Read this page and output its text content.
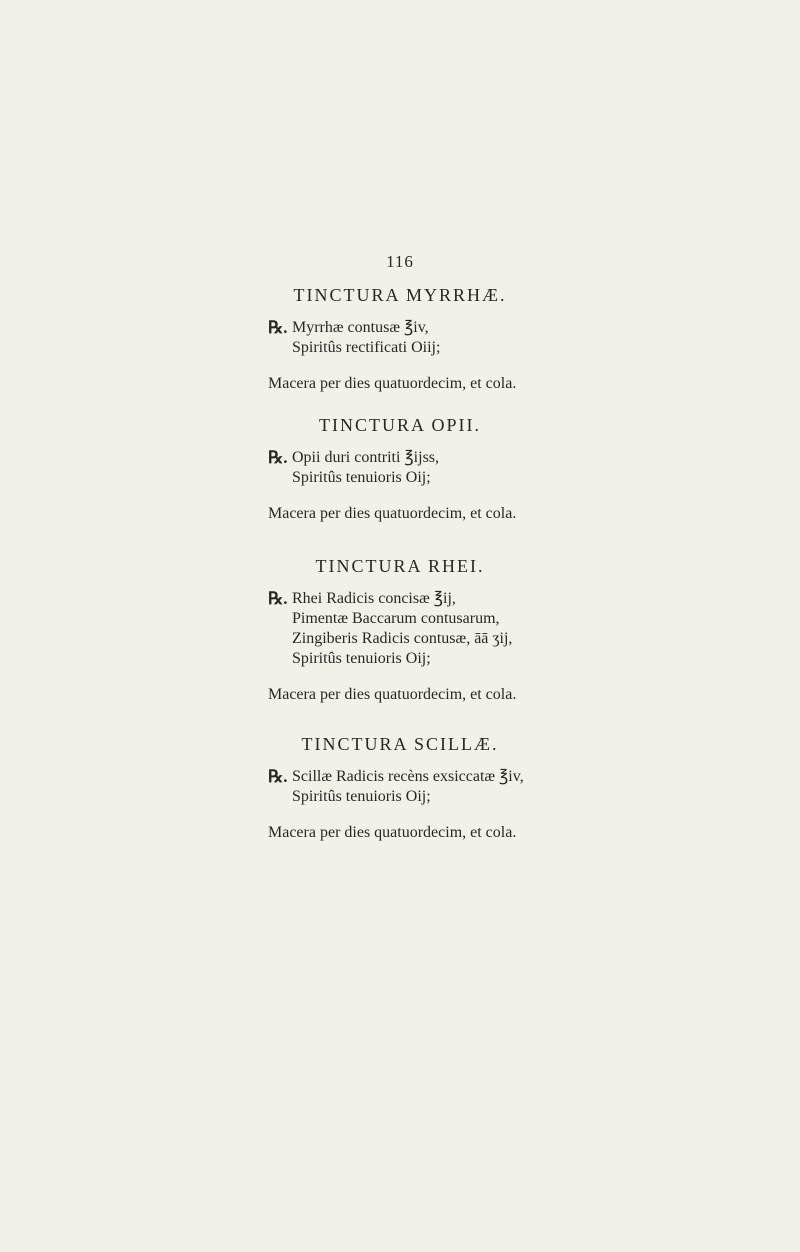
116
TINCTURA MYRRHÆ.
℞. Myrrhæ contusæ ℥iv,
Spiritûs rectificati Oiij;
Macera per dies quatuordecim, et cola.
TINCTURA OPII.
℞. Opii duri contriti ℥ijss,
Spiritûs tenuioris Oij;
Macera per dies quatuordecim, et cola.
TINCTURA RHEI.
℞. Rhei Radicis concisæ ℥ij,
Pimentæ Baccarum contusarum,
Zingiberis Radicis contusæ, āā ʒij,
Spiritûs tenuioris Oij;
Macera per dies quatuordecim, et cola.
TINCTURA SCILLÆ.
℞. Scillæ Radicis recèns exsiccatæ ℥iv,
Spiritûs tenuioris Oij;
Macera per dies quatuordecim, et cola.
